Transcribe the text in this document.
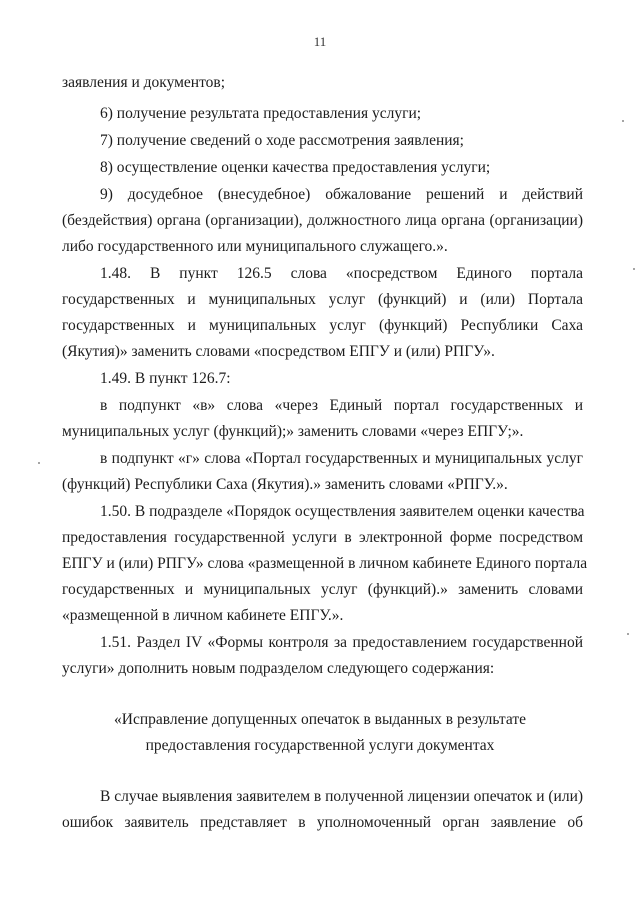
11
заявления и документов;
6) получение результата предоставления услуги;
7) получение сведений о ходе рассмотрения заявления;
8) осуществление оценки качества предоставления услуги;
9) досудебное (внесудебное) обжалование решений и действий
(бездействия) органа (организации), должностного лица органа (организации)
либо государственного или муниципального служащего.».
1.48. В пункт 126.5 слова «посредством Единого портала
государственных и муниципальных услуг (функций) и (или) Портала
государственных и муниципальных услуг (функций) Республики Саха
(Якутия)» заменить словами «посредством ЕПГУ и (или) РПГУ».
1.49. В пункт 126.7:
в подпункт «в» слова «через Единый портал государственных и
муниципальных услуг (функций);» заменить словами «через ЕПГУ;».
в подпункт «г» слова «Портал государственных и муниципальных услуг
(функций) Республики Саха (Якутия).» заменить словами «РПГУ.».
1.50. В подразделе «Порядок осуществления заявителем оценки качества
предоставления государственной услуги в электронной форме посредством
ЕПГУ и (или) РПГУ» слова «размещенной в личном кабинете Единого портала
государственных и муниципальных услуг (функций).» заменить словами
«размещенной в личном кабинете ЕПГУ.».
1.51. Раздел IV «Формы контроля за предоставлением государственной
услуги» дополнить новым подразделом следующего содержания:
«Исправление допущенных опечаток в выданных в результате
предоставления государственной услуги документах
В случае выявления заявителем в полученной лицензии опечаток и (или)
ошибок заявитель представляет в уполномоченный орган заявление об
